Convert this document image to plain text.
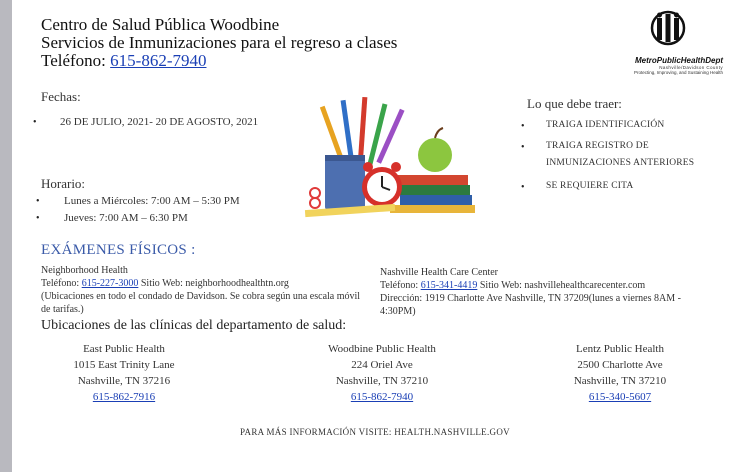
Centro de Salud Pública Woodbine
Servicios de Inmunizaciones para el regreso a clases
Teléfono: 615-862-7940	MetroPublicHealthDept
Nashville/Davidson County
Protecting, Improving, and Sustaining Health
Fechas:
• 26 DE JULIO, 2021- 20 DE AGOSTO, 2021
Horario:
• Lunes a Miércoles: 7:00 AM – 5:30 PM
• Jueves: 7:00 AM – 6:30 PM
Lo que debe traer:
• TRAIGA IDENTIFICACIÓN
• TRAIGA REGISTRO DE
INMUNIZACIONES ANTERIORES
• SE REQUIERE CITA
EXÁMENES FÍSICOS :
Neighborhood Health
Teléfono: 615-227-3000 Sitio Web: neighborhoodhealthtn.org
(Ubicaciones en todo el condado de Davidson. Se cobra según una escala móvil de tarifas.)
Nashville Health Care Center
Teléfono: 615-341-4419 Sitio Web: nashvillehealthcarecenter.com
Dirección: 1919 Charlotte Ave Nashville, TN 37209(lunes a viernes 8AM - 4:30PM)
Ubicaciones de las clínicas del departamento de salud:
East Public Health
1015 East Trinity Lane
Nashville, TN 37216
615-862-7916
Woodbine Public Health
224 Oriel Ave
Nashville, TN 37210
615-862-7940
Lentz Public Health
2500 Charlotte Ave
Nashville, TN 37210
615-340-5607
PARA MÁS INFORMACIÓN VISITE: HEALTH.NASHVILLE.GOV
